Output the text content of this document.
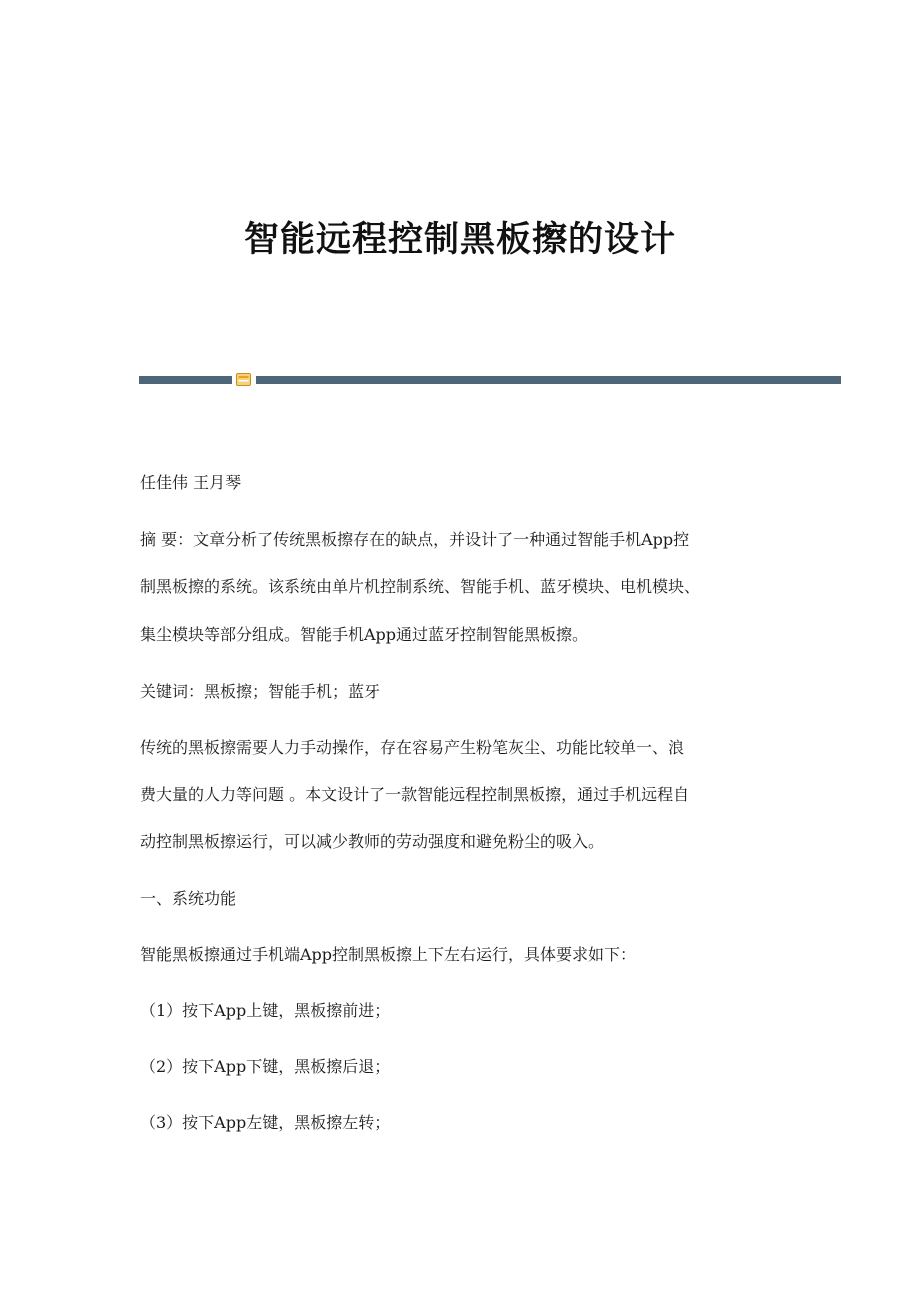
智能远程控制黑板擦的设计
任佳伟 王月琴
摘 要：文章分析了传统黑板擦存在的缺点，并设计了一种通过智能手机App控
制黑板擦的系统。该系统由单片机控制系统、智能手机、蓝牙模块、电机模块、
集尘模块等部分组成。智能手机App通过蓝牙控制智能黑板擦。
关键词：黑板擦；智能手机；蓝牙
传统的黑板擦需要人力手动操作，存在容易产生粉笔灰尘、功能比较单一、浪
费大量的人力等问题 。本文设计了一款智能远程控制黑板擦，通过手机远程自
动控制黑板擦运行，可以减少教师的劳动强度和避免粉尘的吸入。
一、系统功能
智能黑板擦通过手机端App控制黑板擦上下左右运行，具体要求如下：
（1）按下App上键，黑板擦前进；
（2）按下App下键，黑板擦后退；
（3）按下App左键，黑板擦左转；
